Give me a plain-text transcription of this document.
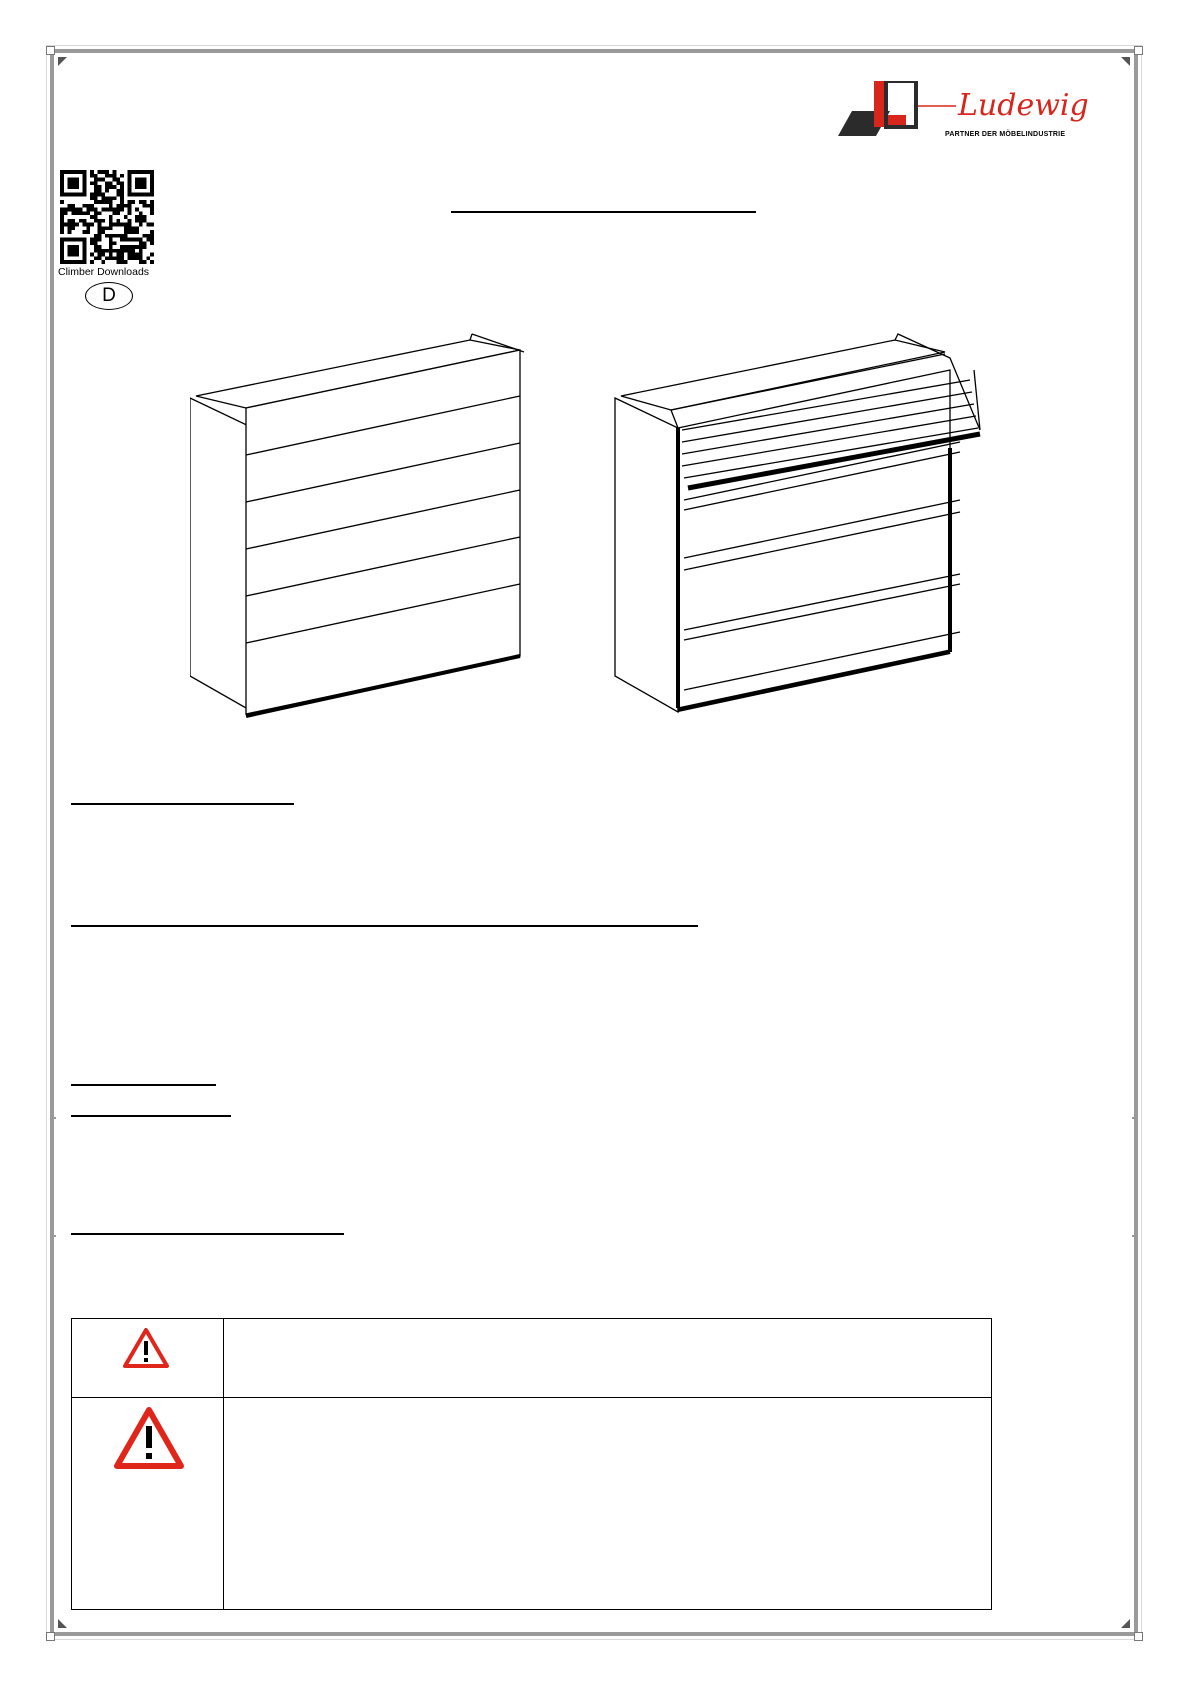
Ludewig
PARTNER DER MÖBELINDUSTRIE
Climber Downloads
D
